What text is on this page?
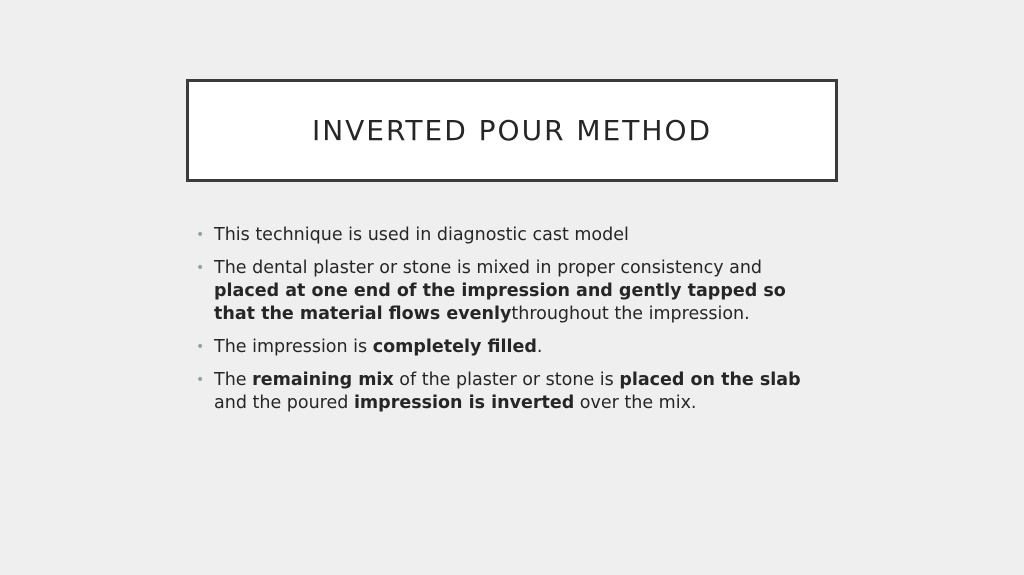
INVERTED POUR METHOD
• This technique is used in diagnostic cast model
• The dental plaster or stone is mixed in proper consistency and placed at one end of the impression and gently tapped so that the material flows evenlythroughout the impression.
• The impression is completely filled.
• The remaining mix of the plaster or stone is placed on the slab and the poured impression is inverted over the mix.
